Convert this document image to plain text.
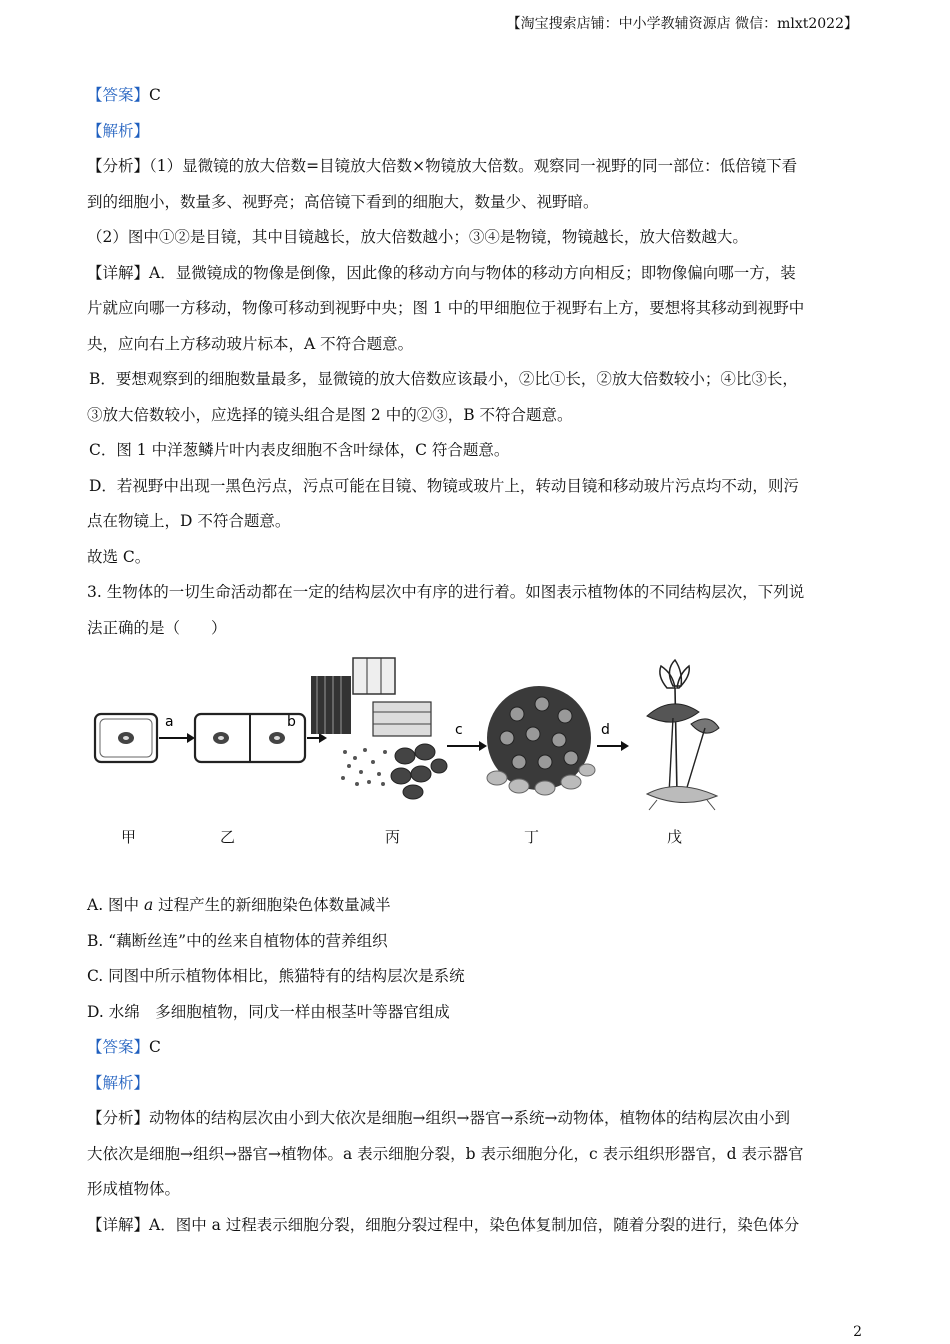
【淘宝搜索店铺：中小学教辅资源店 微信：mlxt2022】
【答案】C
【解析】
【分析】（1）显微镜的放大倍数=目镜放大倍数×物镜放大倍数。观察同一视野的同一部位：低倍镜下看
到的细胞小，数量多、视野亮；高倍镜下看到的细胞大，数量少、视野暗。
（2）图中①②是目镜，其中目镜越长，放大倍数越小；③④是物镜，物镜越长，放大倍数越大。
【详解】A．显微镜成的物像是倒像，因此像的移动方向与物体的移动方向相反；即物像偏向哪一方，装
片就应向哪一方移动，物像可移动到视野中央；图 1 中的甲细胞位于视野右上方，要想将其移动到视野中
央，应向右上方移动玻片标本，A 不符合题意。
B．要想观察到的细胞数量最多，显微镜的放大倍数应该最小，②比①长，②放大倍数较小；④比③长，
③放大倍数较小，应选择的镜头组合是图 2 中的②③，B 不符合题意。
C．图 1 中洋葱鳞片叶内表皮细胞不含叶绿体，C 符合题意。
D．若视野中出现一黑色污点，污点可能在目镜、物镜或玻片上，转动目镜和移动玻片污点均不动，则污
点在物镜上，D 不符合题意。
故选 C。
3. 生物体的一切生命活动都在一定的结构层次中有序的进行着。如图表示植物体的不同结构层次，下列说
法正确的是（　　）
a	b	c	d
甲	乙	丙	丁	戊
A. 图中 a 过程产生的新细胞染色体数量减半
B. “藕断丝连”中的丝来自植物体的营养组织
C. 同图中所示植物体相比，熊猫特有的结构层次是系统
D. 水绵　多细胞植物，同戊一样由根茎叶等器官组成
【答案】C
【解析】
【分析】动物体的结构层次由小到大依次是细胞→组织→器官→系统→动物体，植物体的结构层次由小到
大依次是细胞→组织→器官→植物体。a 表示细胞分裂，b 表示细胞分化，c 表示组织形器官，d 表示器官
形成植物体。
【详解】A．图中 a 过程表示细胞分裂，细胞分裂过程中，染色体复制加倍，随着分裂的进行，染色体分
2
